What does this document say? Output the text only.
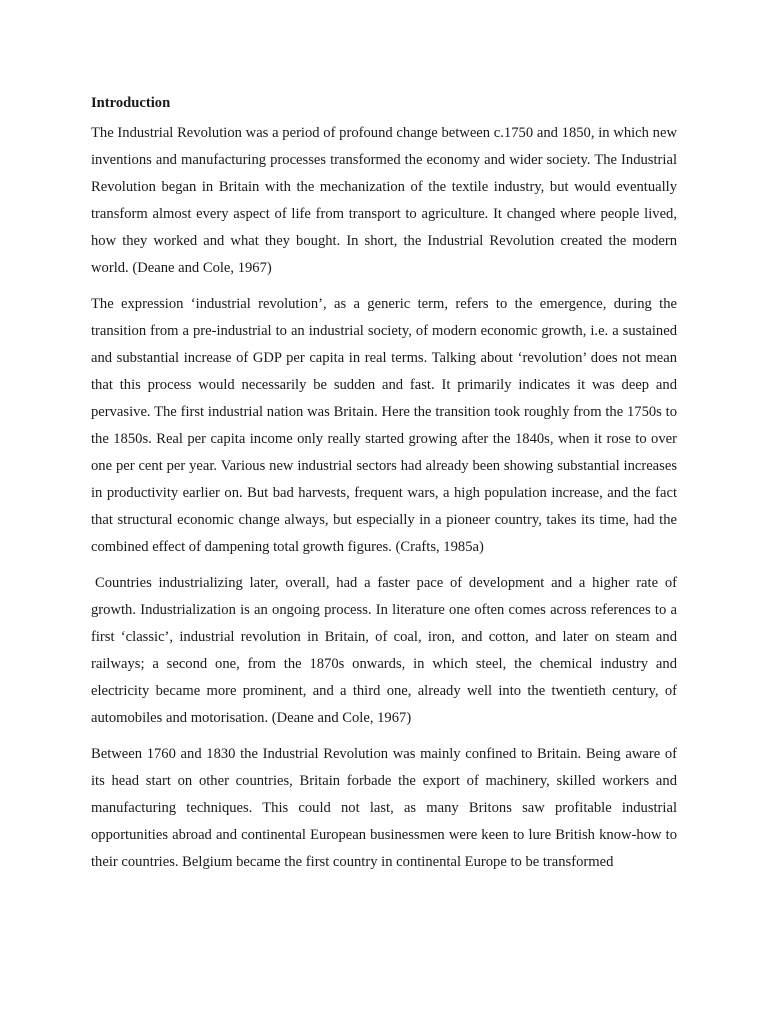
Introduction

The Industrial Revolution was a period of profound change between c.1750 and 1850, in which new inventions and manufacturing processes transformed the economy and wider society. The Industrial Revolution began in Britain with the mechanization of the textile industry, but would eventually transform almost every aspect of life from transport to agriculture. It changed where people lived, how they worked and what they bought. In short, the Industrial Revolution created the modern world. (Deane and Cole, 1967)

The expression ‘industrial revolution’, as a generic term, refers to the emergence, during the transition from a pre-industrial to an industrial society, of modern economic growth, i.e. a sustained and substantial increase of GDP per capita in real terms. Talking about ‘revolution’ does not mean that this process would necessarily be sudden and fast. It primarily indicates it was deep and pervasive. The first industrial nation was Britain. Here the transition took roughly from the 1750s to the 1850s. Real per capita income only really started growing after the 1840s, when it rose to over one per cent per year. Various new industrial sectors had already been showing substantial increases in productivity earlier on. But bad harvests, frequent wars, a high population increase, and the fact that structural economic change always, but especially in a pioneer country, takes its time, had the combined effect of dampening total growth figures. (Crafts, 1985a)

Countries industrializing later, overall, had a faster pace of development and a higher rate of growth. Industrialization is an ongoing process. In literature one often comes across references to a first ‘classic’, industrial revolution in Britain, of coal, iron, and cotton, and later on steam and railways; a second one, from the 1870s onwards, in which steel, the chemical industry and electricity became more prominent, and a third one, already well into the twentieth century, of automobiles and motorisation. (Deane and Cole, 1967)

Between 1760 and 1830 the Industrial Revolution was mainly confined to Britain. Being aware of its head start on other countries, Britain forbade the export of machinery, skilled workers and manufacturing techniques. This could not last, as many Britons saw profitable industrial opportunities abroad and continental European businessmen were keen to lure British know-how to their countries. Belgium became the first country in continental Europe to be transformed
